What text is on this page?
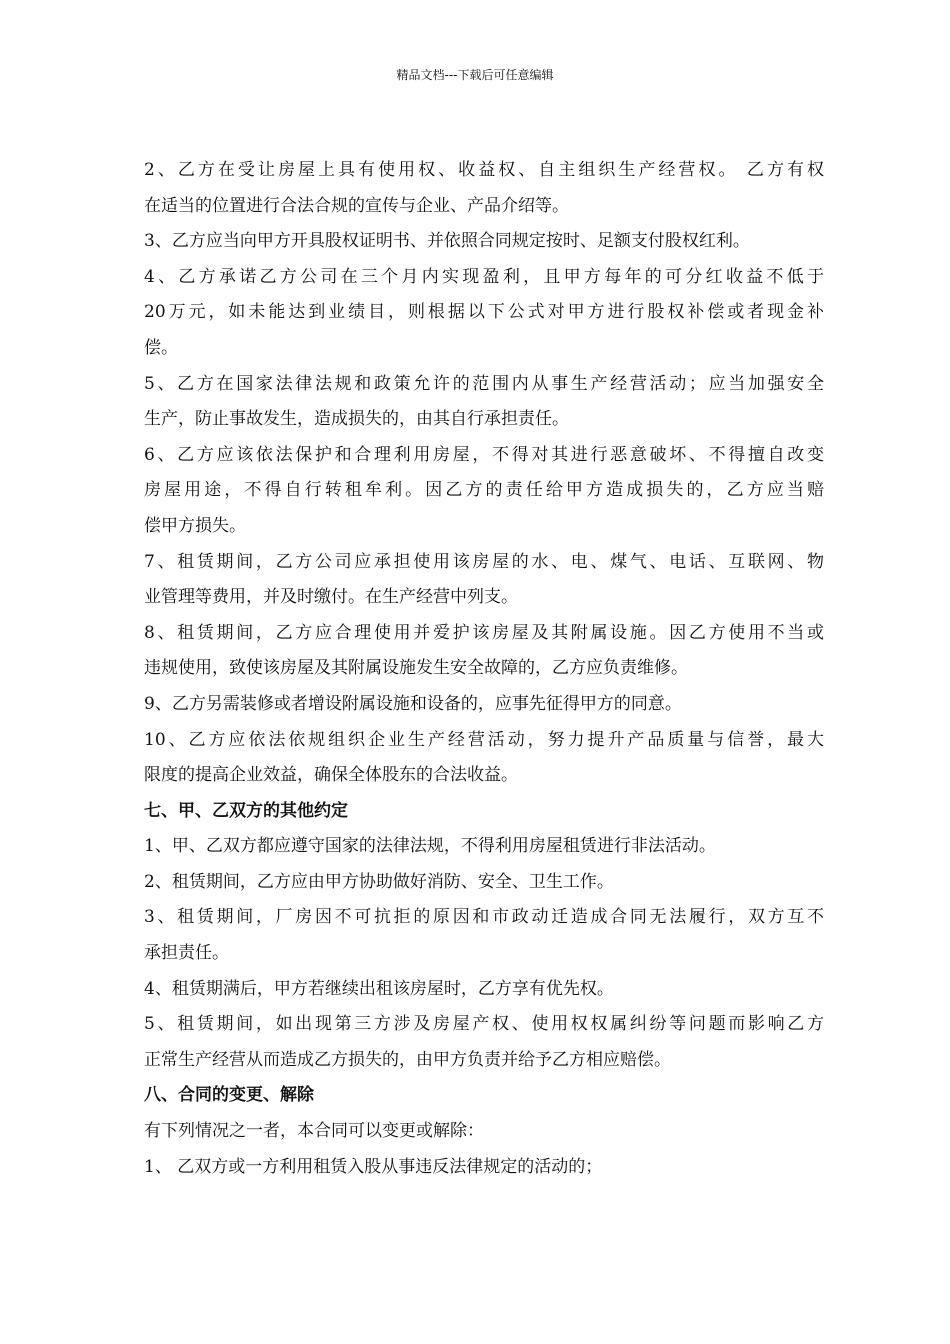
精品文档---下载后可任意编辑
2、乙方在受让房屋上具有使用权、收益权、自主组织生产经营权。 乙方有权
在适当的位置进行合法合规的宣传与企业、产品介绍等。
3、乙方应当向甲方开具股权证明书、并依照合同规定按时、足额支付股权红利。
4、乙方承诺乙方公司在三个月内实现盈利，且甲方每年的可分红收益不低于
20万元，如未能达到业绩目，则根据以下公式对甲方进行股权补偿或者现金补
偿。
5、乙方在国家法律法规和政策允许的范围内从事生产经营活动；应当加强安全
生产，防止事故发生，造成损失的，由其自行承担责任。
6、乙方应该依法保护和合理利用房屋，不得对其进行恶意破坏、不得擅自改变
房屋用途，不得自行转租牟利。因乙方的责任给甲方造成损失的，乙方应当赔
偿甲方损失。
7、租赁期间，乙方公司应承担使用该房屋的水、电、煤气、电话、互联网、物
业管理等费用，并及时缴付。在生产经营中列支。
8、租赁期间，乙方应合理使用并爱护该房屋及其附属设施。因乙方使用不当或
违规使用，致使该房屋及其附属设施发生安全故障的，乙方应负责维修。
9、乙方另需装修或者增设附属设施和设备的，应事先征得甲方的同意。
10、乙方应依法依规组织企业生产经营活动，努力提升产品质量与信誉，最大
限度的提高企业效益，确保全体股东的合法收益。
七、甲、乙双方的其他约定
1、甲、乙双方都应遵守国家的法律法规，不得利用房屋租赁进行非法活动。
2、租赁期间，乙方应由甲方协助做好消防、安全、卫生工作。
3、租赁期间，厂房因不可抗拒的原因和市政动迁造成合同无法履行，双方互不
承担责任。
4、租赁期满后，甲方若继续出租该房屋时，乙方享有优先权。
5、租赁期间，如出现第三方涉及房屋产权、使用权权属纠纷等问题而影响乙方
正常生产经营从而造成乙方损失的，由甲方负责并给予乙方相应赔偿。
八、合同的变更、解除
有下列情况之一者，本合同可以变更或解除：
1、 乙双方或一方利用租赁入股从事违反法律规定的活动的；
